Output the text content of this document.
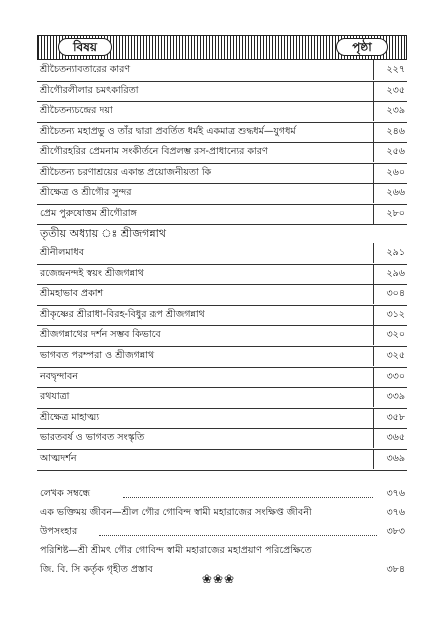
বিষয়	পৃষ্ঠা
শ্রীচৈতন্যাবতারের কারণ	২২৭
শ্রীগৌরলীলার চমৎকারিতা	২৩৫
শ্রীচৈতন্যচন্দ্রের দয়া	২৩৯
শ্রীচৈতন্য মহাপ্রভু ও তাঁর দ্বারা প্রবর্তিত ধর্মই একমাত্র শুদ্ধধর্ম—যুগধর্ম	২৪৬
শ্রীগৌরহরির প্রেমনাম সংকীর্তনে বিপ্রলম্ভ রস-প্রাধান্যের কারণ	২৫৬
শ্রীচৈতন্য চরণাশ্রয়ের একান্ত প্রয়োজনীয়তা কি	২৬০
শ্রীক্ষেত্র ও শ্রীগৌর সুন্দর	২৬৬
প্রেম পুরুষোত্তম শ্রীগৌরাঙ্গ	২৮০
তৃতীয় অধ্যায় ঃ শ্রীজগন্নাথ
শ্রীনীলমাধব	২৯১
রজেন্দ্রনন্দই স্বয়ং শ্রীজগন্নাথ	২৯৬
শ্রীমহাভাব প্রকাশ	৩০৪
শ্রীকৃষ্ণের শ্রীরাধা-বিরহ-বিধুর রূপ শ্রীজগন্নাথ	৩১২
শ্রীজগন্নাথের দর্শন সম্ভব কিভাবে	৩২০
ভাগবত পরম্পরা ও শ্রীজগন্নাথ	৩২৫
নবদ্বৃন্দাবন	৩৩০
রথযাত্রা	৩৩৯
শ্রীক্ষেত্র মাহাত্ম্য	৩৫৮
ভারতবর্ষ ও ভাগবত সংস্কৃতি	৩৬৫
আত্মদর্শন	৩৬৯
লেখক সম্বন্ধে	৩৭৬
এক ভক্তিময় জীবন—শ্রীল গৌর গোবিন্দ স্বামী মহারাজের সংক্ষিপ্ত জীবনী	৩৭৬
উপসংহার	৩৮৩
পরিশিষ্ট—শ্রী শ্রীমৎ গৌর গোবিন্দ স্বামী মহারাজের মহাপ্রয়াণ পরিপ্রেক্ষিতে
জি. বি. সি কর্তৃক গৃহীত প্রস্তাব	৩৮৪
❀❀❀
